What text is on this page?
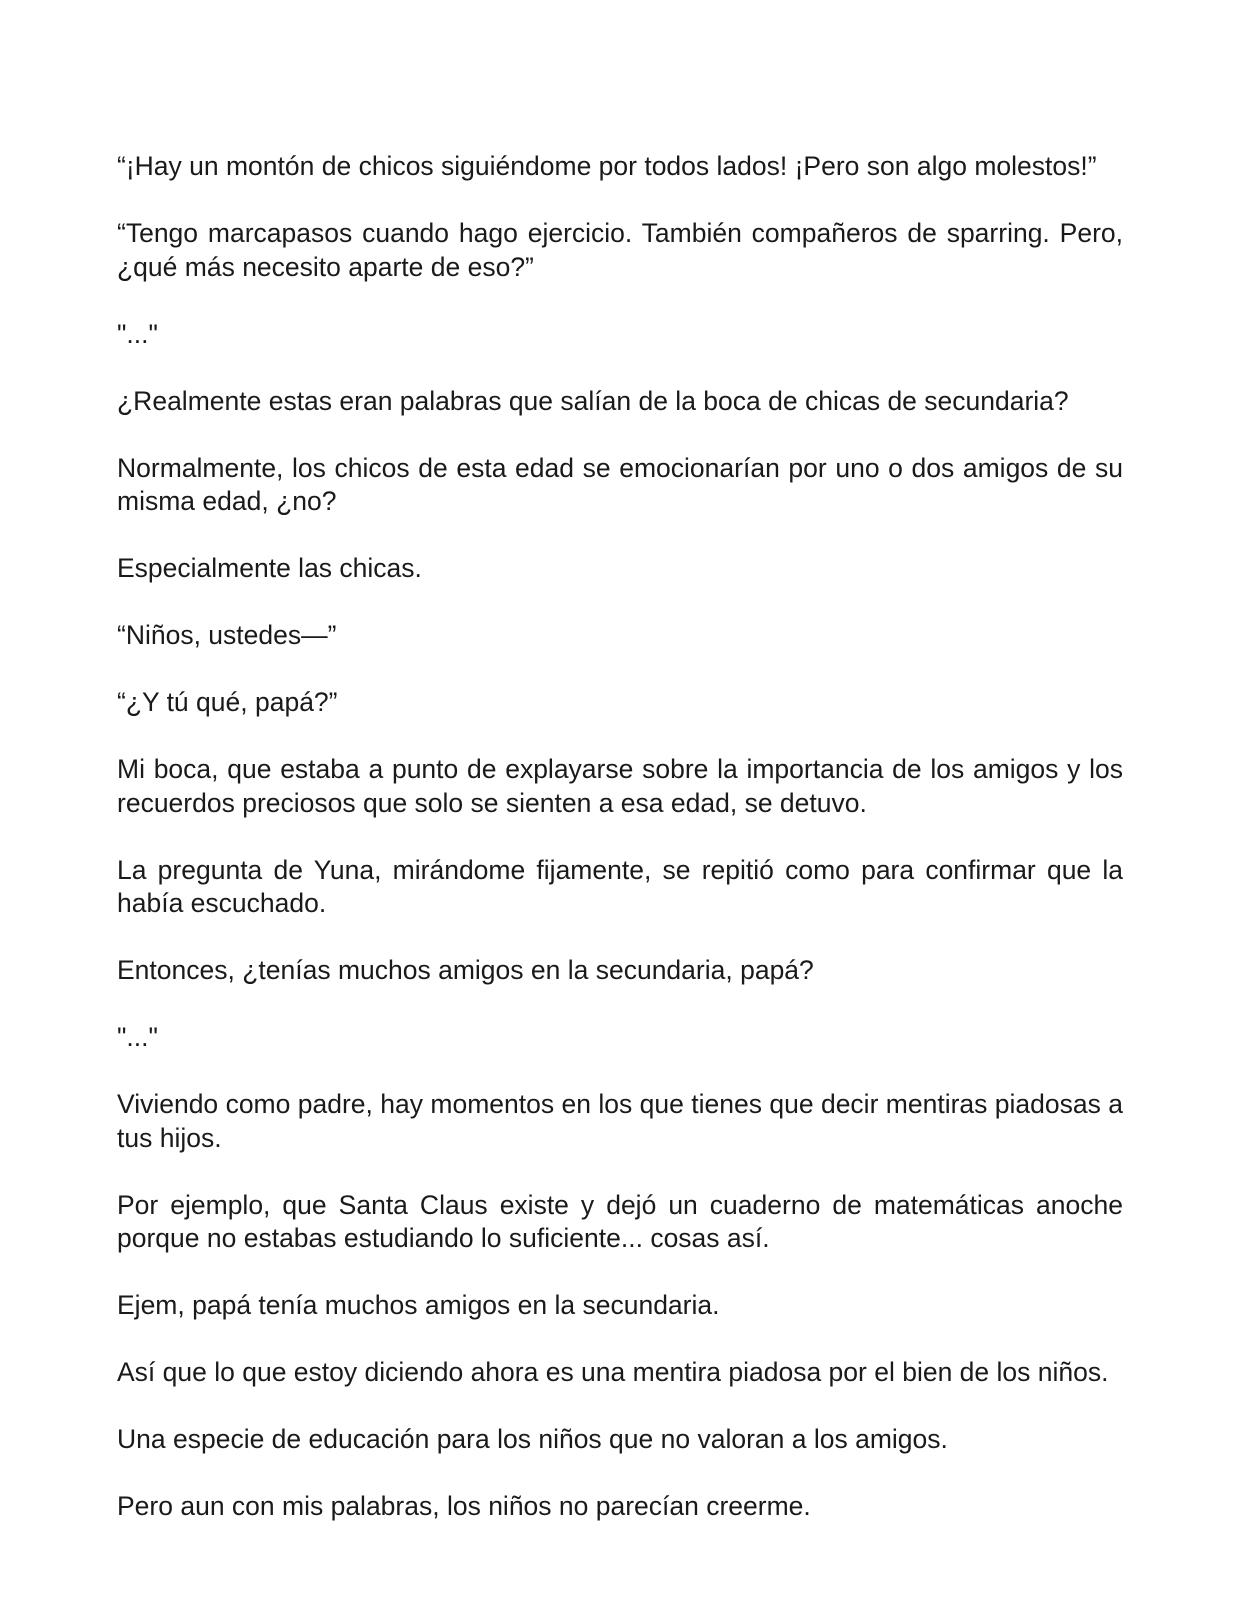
“¡Hay un montón de chicos siguiéndome por todos lados! ¡Pero son algo molestos!”

“Tengo marcapasos cuando hago ejercicio. También compañeros de sparring. Pero, ¿qué más necesito aparte de eso?”

"..."

¿Realmente estas eran palabras que salían de la boca de chicas de secundaria?

Normalmente, los chicos de esta edad se emocionarían por uno o dos amigos de su misma edad, ¿no?

Especialmente las chicas.

“Niños, ustedes—”

“¿Y tú qué, papá?”

Mi boca, que estaba a punto de explayarse sobre la importancia de los amigos y los recuerdos preciosos que solo se sienten a esa edad, se detuvo.

La pregunta de Yuna, mirándome fijamente, se repitió como para confirmar que la había escuchado.

Entonces, ¿tenías muchos amigos en la secundaria, papá?

"..."

Viviendo como padre, hay momentos en los que tienes que decir mentiras piadosas a tus hijos.

Por ejemplo, que Santa Claus existe y dejó un cuaderno de matemáticas anoche porque no estabas estudiando lo suficiente... cosas así.

Ejem, papá tenía muchos amigos en la secundaria.

Así que lo que estoy diciendo ahora es una mentira piadosa por el bien de los niños.

Una especie de educación para los niños que no valoran a los amigos.

Pero aun con mis palabras, los niños no parecían creerme.
